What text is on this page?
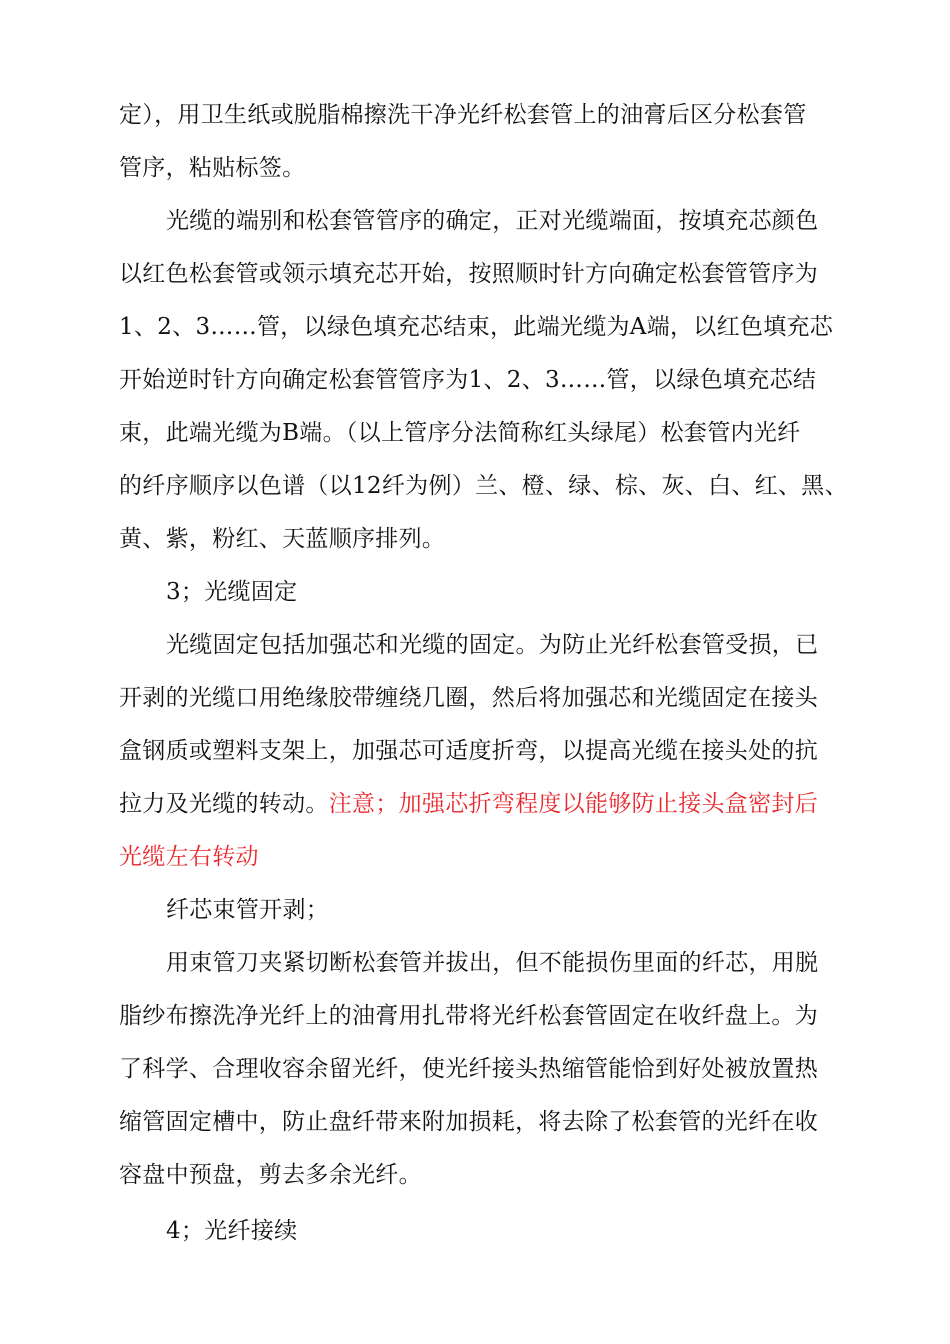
定），用卫生纸或脱脂棉擦洗干净光纤松套管上的油膏后区分松套管
管序，粘贴标签。
光缆的端别和松套管管序的确定，正对光缆端面，按填充芯颜色
以红色松套管或领示填充芯开始，按照顺时针方向确定松套管管序为
1、2、3……管，以绿色填充芯结束，此端光缆为A端，以红色填充芯
开始逆时针方向确定松套管管序为1、2、3……管，以绿色填充芯结
束，此端光缆为B端。（以上管序分法简称红头绿尾）松套管内光纤
的纤序顺序以色谱（以12纤为例）兰、橙、绿、棕、灰、白、红、黑、
黄、紫，粉红、天蓝顺序排列。
3；光缆固定
光缆固定包括加强芯和光缆的固定。为防止光纤松套管受损，已
开剥的光缆口用绝缘胶带缠绕几圈，然后将加强芯和光缆固定在接头
盒钢质或塑料支架上，加强芯可适度折弯，以提高光缆在接头处的抗
拉力及光缆的转动。注意；加强芯折弯程度以能够防止接头盒密封后
光缆左右转动
纤芯束管开剥；
用束管刀夹紧切断松套管并拔出，但不能损伤里面的纤芯，用脱
脂纱布擦洗净光纤上的油膏用扎带将光纤松套管固定在收纤盘上。为
了科学、合理收容余留光纤，使光纤接头热缩管能恰到好处被放置热
缩管固定槽中，防止盘纤带来附加损耗，将去除了松套管的光纤在收
容盘中预盘，剪去多余光纤。
4；光纤接续
